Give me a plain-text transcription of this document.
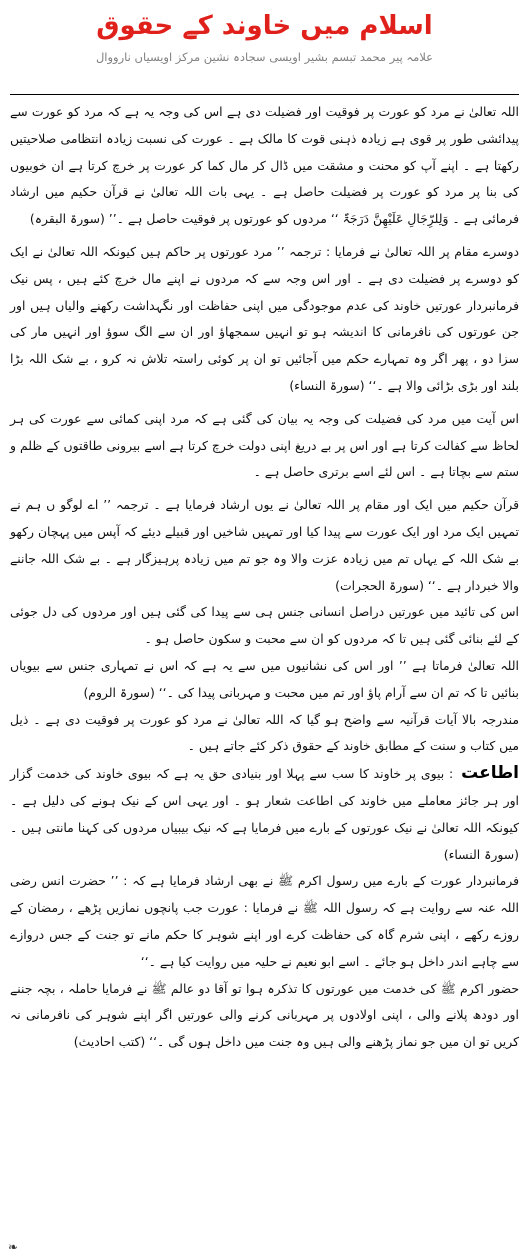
اسلام میں خاوند کے حقوق

علامہ پیر محمد تبسم بشیر اویسی سجادہ نشین مرکز اویسیاں نارووال

اللہ تعالیٰ نے مرد کو عورت پر فوقیت اور فضیلت دی ہے اس کی وجہ یہ ہے کہ مرد کو عورت سے پیدائشی طور پر قوی ہے زیادہ ذہنی قوت کا مالک ہے ۔ عورت کی نسبت زیادہ انتظامی صلاحیتیں رکھتا ہے ۔ اپنے آپ کو محنت و مشقت میں ڈال کر مال کما کر عورت پر خرچ کرتا ہے ان خوبیوں کی بنا پر مرد کو عورت پر فضیلت حاصل ہے ۔ یہی بات اللہ تعالیٰ نے قرآن حکیم میں ارشاد فرمائی ہے ۔ وَلِلرِّجَالِ عَلَیْھِنَّ دَرَجَۃٌ ‘‘ مردوں کو عورتوں پر فوقیت حاصل ہے ۔’’ (سورۃ البقرہ)

دوسرے مقام پر اللہ تعالیٰ نے فرمایا : ترجمہ ’’ مرد عورتوں پر حاکم ہیں کیونکہ اللہ تعالیٰ نے ایک کو دوسرے پر فضیلت دی ہے ۔ اور اس وجہ سے کہ مردوں نے اپنے مال خرچ کئے ہیں ، پس نیک فرمانبردار عورتیں خاوند کی عدم موجودگی میں اپنی حفاظت اور نگہداشت رکھنے والیاں ہیں اور جن عورتوں کی نافرمانی کا اندیشہ ہو تو انہیں سمجھاؤ اور ان سے الگ سوؤ اور انہیں مار کی سزا دو ، پھر اگر وہ تمہارے حکم میں آجائیں تو ان پر کوئی راستہ تلاش نہ کرو ، بے شک اللہ بڑا بلند اور بڑی بڑائی والا ہے ۔‘‘ (سورۃ النساء)

اس آیت میں مرد کی فضیلت کی وجہ یہ بیان کی گئی ہے کہ مرد اپنی کمائی سے عورت کی ہر لحاظ سے کفالت کرتا ہے اور اس پر بے دریغ اپنی دولت خرچ کرتا ہے اسے بیرونی طاقتوں کے ظلم و ستم سے بچاتا ہے ۔ اس لئے اسے برتری حاصل ہے ۔

قرآن حکیم میں ایک اور مقام پر اللہ تعالیٰ نے یوں ارشاد فرمایا ہے ۔ ترجمہ ’’ اے لوگو ں ہم نے تمہیں ایک مرد اور ایک عورت سے پیدا کیا اور تمہیں شاخیں اور قبیلے دیئے کہ آپس میں پہچان رکھو بے شک اللہ کے یہاں تم میں زیادہ عزت والا وہ جو تم میں زیادہ پرہیزگار ہے ۔ بے شک اللہ جاننے والا خبردار ہے ۔‘‘ (سورۃ الحجرات)

اس کی تائید میں عورتیں دراصل انسانی جنس ہی سے پیدا کی گئی ہیں اور مردوں کی دل جوئی کے لئے بنائی گئی ہیں تا کہ مردوں کو ان سے محبت و سکون حاصل ہو ۔

اللہ تعالیٰ فرماتا ہے ’’ اور اس کی نشانیوں میں سے یہ ہے کہ اس نے تمہاری جنس سے بیویاں بنائیں تا کہ تم ان سے آرام پاؤ اور تم میں محبت و مہربانی پیدا کی ۔‘‘ (سورۃ الروم)

مندرجہ بالا آیات قرآنیہ سے واضح ہو گیا کہ اللہ تعالیٰ نے مرد کو عورت پر فوقیت دی ہے ۔ ذیل میں کتاب و سنت کے مطابق خاوند کے حقوق ذکر کئے جاتے ہیں ۔

اطاعت: بیوی پر خاوند کا سب سے پہلا اور بنیادی حق یہ ہے کہ بیوی خاوند کی خدمت گزار اور ہر جائز معاملے میں خاوند کی اطاعت شعار ہو ۔ اور یہی اس کے نیک ہونے کی دلیل ہے ۔ کیونکہ اللہ تعالیٰ نے نیک عورتوں کے بارے میں فرمایا ہے کہ نیک بیبیاں مردوں کی کہنا مانتی ہیں ۔ (سورۃ النساء)

فرمانبردار عورت کے بارے میں رسول اکرم ﷺ نے بھی ارشاد فرمایا ہے کہ : ’’ حضرت انس رضی اللہ عنہ سے روایت ہے کہ رسول اللہ ﷺ نے فرمایا : عورت جب پانچوں نمازیں پڑھے ، رمضان کے روزے رکھے ، اپنی شرم گاہ کی حفاظت کرے اور اپنے شوہر کا حکم مانے تو جنت کے جس دروازے سے چاہے اندر داخل ہو جائے ۔ اسے ابو نعیم نے حلیہ میں روایت کیا ہے ۔‘‘

حضور اکرم ﷺ کی خدمت میں عورتوں کا تذکرہ ہوا تو آقا دو عالم ﷺ نے فرمایا حاملہ ، بچہ جننے اور دودھ پلانے والی ، اپنی اولادوں پر مہربانی کرنے والی عورتیں اگر اپنے شوہر کی نافرمانی نہ کریں تو ان میں جو نماز پڑھنے والی ہیں وہ جنت میں داخل ہوں گی ۔‘‘ (کتب احادیث)

❧
